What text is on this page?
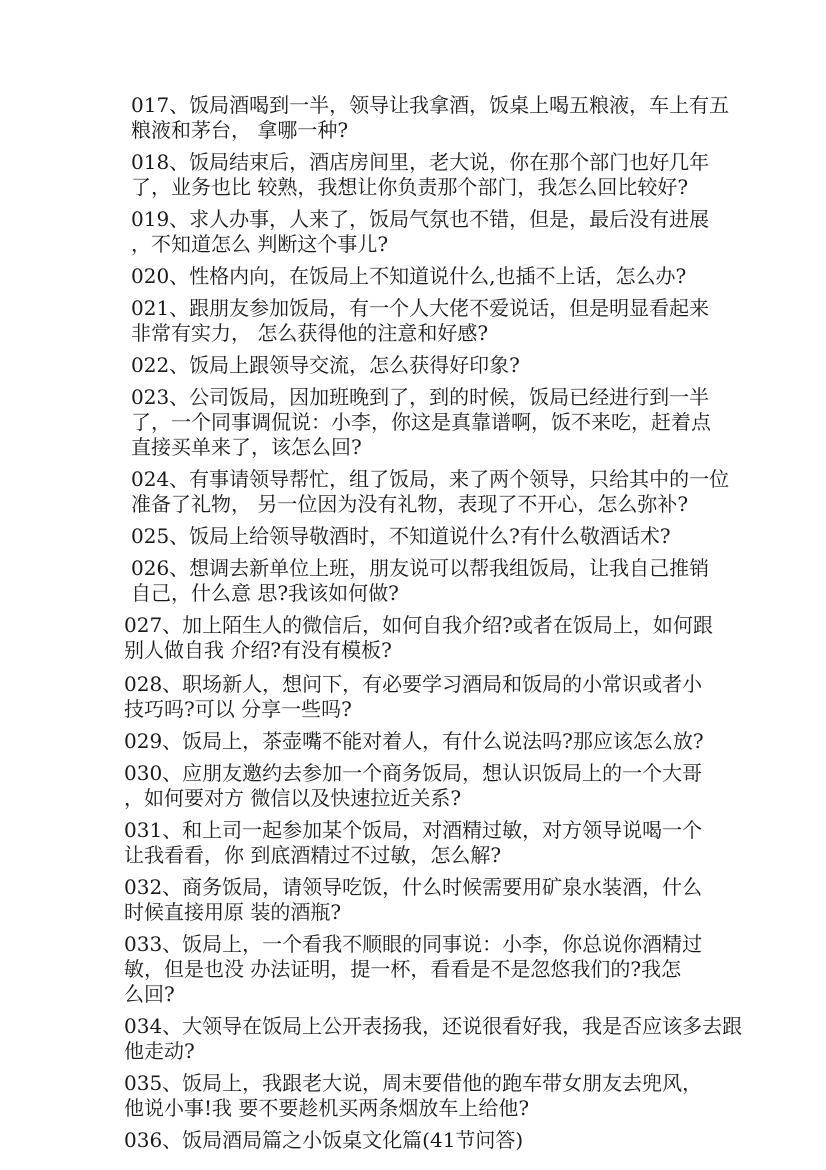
017、饭局酒喝到一半，领导让我拿酒，饭桌上喝五粮液，车上有五
粮液和茅台， 拿哪一种?
018、饭局结束后，酒店房间里，老大说，你在那个部门也好几年
了，业务也比 较熟，我想让你负责那个部门，我怎么回比较好?
019、求人办事，人来了，饭局气氛也不错，但是，最后没有进展
，不知道怎么 判断这个事儿?
020、性格内向，在饭局上不知道说什么,也插不上话，怎么办?
021、跟朋友参加饭局，有一个人大佬不爱说话，但是明显看起来
非常有实力， 怎么获得他的注意和好感?
022、饭局上跟领导交流，怎么获得好印象?
023、公司饭局，因加班晚到了，到的时候，饭局已经进行到一半
了，一个同事调侃说：小李，你这是真靠谱啊，饭不来吃，赶着点
直接买单来了，该怎么回?
024、有事请领导帮忙，组了饭局，来了两个领导，只给其中的一位
准备了礼物， 另一位因为没有礼物，表现了不开心，怎么弥补?
025、饭局上给领导敬酒时，不知道说什么?有什么敬酒话术?
026、想调去新单位上班，朋友说可以帮我组饭局，让我自己推销
自己，什么意 思?我该如何做?
027、加上陌生人的微信后，如何自我介绍?或者在饭局上，如何跟
别人做自我 介绍?有没有模板?
028、职场新人，想问下，有必要学习酒局和饭局的小常识或者小
技巧吗?可以 分享一些吗?
029、饭局上，茶壶嘴不能对着人，有什么说法吗?那应该怎么放?
030、应朋友邀约去参加一个商务饭局，想认识饭局上的一个大哥
，如何要对方 微信以及快速拉近关系?
031、和上司一起参加某个饭局，对酒精过敏，对方领导说喝一个
让我看看，你 到底酒精过不过敏，怎么解?
032、商务饭局，请领导吃饭，什么时候需要用矿泉水装酒，什么
时候直接用原 装的酒瓶?
033、饭局上，一个看我不顺眼的同事说：小李，你总说你酒精过
敏，但是也没 办法证明，提一杯，看看是不是忽悠我们的?我怎
么回?
034、大领导在饭局上公开表扬我，还说很看好我，我是否应该多去跟
他走动?
035、饭局上，我跟老大说，周末要借他的跑车带女朋友去兜风，
他说小事!我 要不要趁机买两条烟放车上给他?
036、饭局酒局篇之小饭桌文化篇(41节问答)
